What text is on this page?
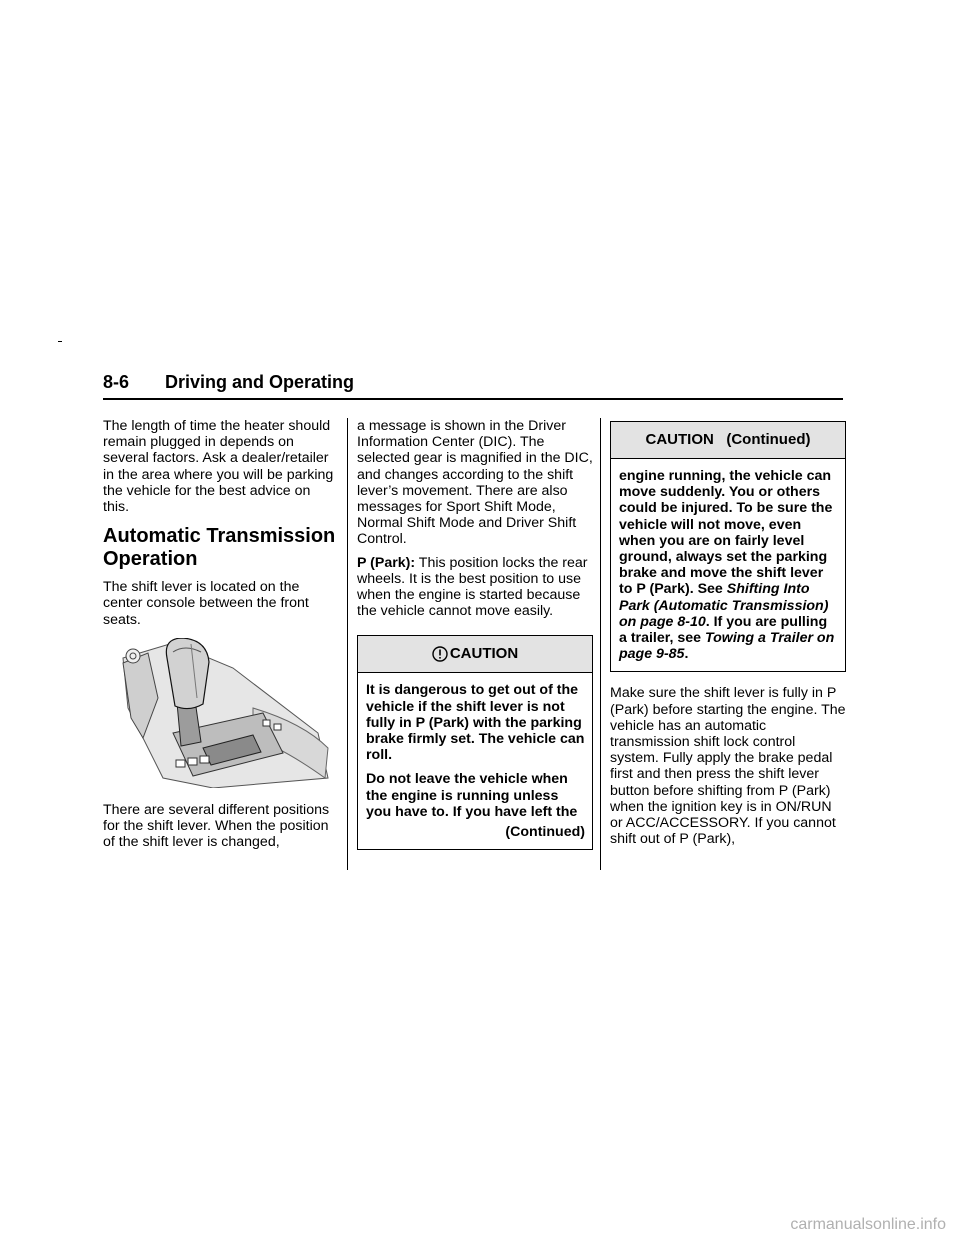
8-6 Driving and Operating

The length of time the heater should remain plugged in depends on several factors. Ask a dealer/retailer in the area where you will be parking the vehicle for the best advice on this.

Automatic Transmission
Operation

The shift lever is located on the center console between the front seats.

There are several different positions for the shift lever. When the position of the shift lever is changed,

a message is shown in the Driver Information Center (DIC). The selected gear is magnified in the DIC, and changes according to the shift lever’s movement. There are also messages for Sport Shift Mode, Normal Shift Mode and Driver Shift Control.

P (Park): This position locks the rear wheels. It is the best position to use when the engine is started because the vehicle cannot move easily.

CAUTION

It is dangerous to get out of the vehicle if the shift lever is not fully in P (Park) with the parking brake firmly set. The vehicle can roll.

Do not leave the vehicle when the engine is running unless you have to. If you have left the

(Continued)
CAUTION   (Continued)
engine running, the vehicle can move suddenly. You or others could be injured. To be sure the vehicle will not move, even when you are on fairly level ground, always set the parking brake and move the shift lever to P (Park). See Shifting Into Park (Automatic Transmission) on page 8‑10. If you are pulling a trailer, see Towing a Trailer on page 9‑85.

Make sure the shift lever is fully in P (Park) before starting the engine. The vehicle has an automatic transmission shift lock control system. Fully apply the brake pedal first and then press the shift lever button before shifting from P (Park) when the ignition key is in ON/RUN or ACC/ACCESSORY. If you cannot shift out of P (Park),

carmanualsonline.info
